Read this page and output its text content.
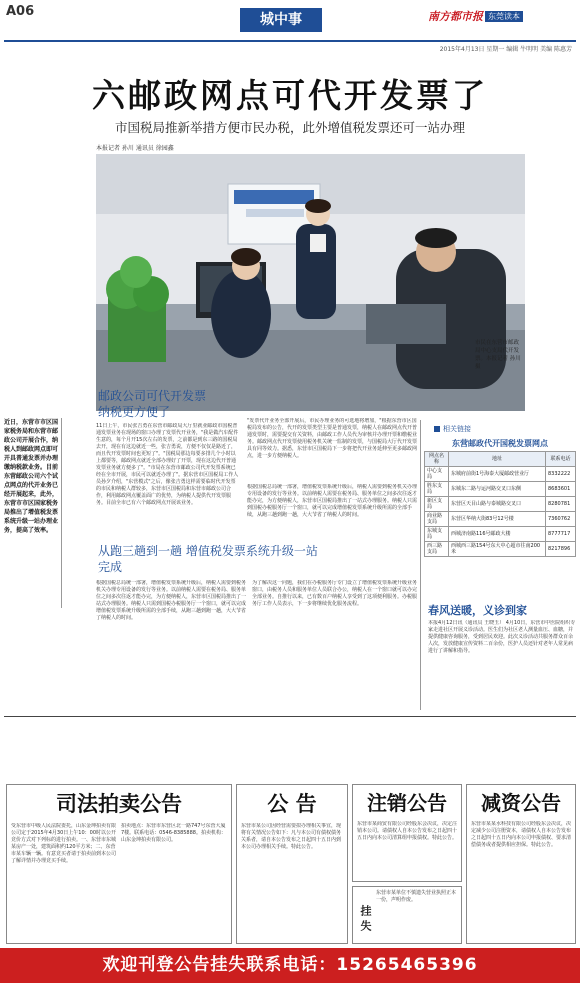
A06
城中事	南方都市报 东莞读本
2015年4月13日 星期一 编辑 牛明明 美编 陈惠芳
六邮政网点可代开发票了
市国税局推新举措方便市民办税，此外增值税发票还可一站办理
本报记者 孙川 通讯员 徐园鑫
市民在东营市邮政局中心支局代开发票。本报记者 孙川 摄
近日，东营市市区国家税务局和东营市邮政公司开展合作，纳税人到邮政网点即可开具普通发票并办理缴纳税款业务。目前东营邮政公司六个试点网点的代开业务已经开展起来，此外，东营市市区国家税务局推出了增值税发票系统升级一站办理业务，提高了效率。
邮政公司可代开发票 纳税更方便了
11日上午，市民张吉勇在东营市邮政局大厅里就业邮政市国税普通发票业务在现场的窗口办理了发票代开业务，"我是做汽车配件生意的，每个月开15次左右的发票，之前都是到东三路的国税局去开，现在有这边就近一些，张吉勇说，方便不仅仅是路近了，而且代开发票时间也更短了"。"国税局那边每要多排几个小时以上都要等，邮政网点就近全部办理好了开票，现在这边代开普通发票业务就方便多了"。"市局在东营市邮政公司代开发票系统已经在全市开展，市民可以就近办理了"。据东营市区国税局工作人员孙夕介绍，"东营模式"之后，像张吉勇这样需要临时代开发票的市民和纳税人群较多，东营市区国税局和东营市邮政公司合作，利用邮政网点覆盖面广的优势，为纳税人提供代开发票服务。目前全市已有六个邮政网点开展该业务。
"发票代开业务全部开展后，市民办理业务的可选地将增加，"根据东营市区国税局发布的公告，代开的发票类型主要是普通发票，纳税人在邮政网点代开普通发票时，需要提交有关资料，由邮政工作人员代为审核并办理开票和缴税业务。邮政网点代开发票使用税务机关统一监制的发票，与国税局大厅代开发票具有同等效力。据悉，东营市区国税局下一步将把代开业务延伸至更多邮政网点，进一步方便纳税人。
根据国税总局统一部署，增值税发票系统升级后，纳税人需要到税务机关办理专用设备的发行等业务。以前纳税人需要在税务局、服务单位之间多次往返才能办完，为方便纳税人，东营市区国税局推出了一站式办理服务。纳税人只需到国税办税服务厅一个窗口，就可以完成增值税发票系统升级所需的全部手续，从跑三趟到跑一趟，大大节省了纳税人的时间。
从跑三趟到一趟 增值税发票系统升级一站完成
根据国税总局统一部署，增值税发票系统升级后，纳税人需要到税务机关办理专用设备的发行等业务。以前纳税人需要在税务局、服务单位之间多次往返才能办完，为方便纳税人，东营市区国税局推出了一站式办理服务。纳税人只需到国税办税服务厅一个窗口，就可以完成增值税发票系统升级所需的全部手续，从跑三趟到跑一趟，大大节省了纳税人的时间。
为了解决这一问题，我们在办税服务厅专门设立了增值税发票系统升级业务窗口，由税务人员和服务单位人员联合办公，纳税人在一个窗口就可以办完全部业务。自推行以来，已有数百户纳税人享受到了这项便利服务。办税服务厅工作人员表示，下一步将继续优化服务流程。
相关链接
东营邮政代开国税发票网点
网点名称	地址	联系电话
中心支局	东城府前街1号海泰大厦邮政营业厅	8332222
胜东支局	东城东二路与运河路交叉口东侧	8683601
新区支局	东营区天目山路与泰城路交叉口	8280781
商业路支局	东营区华纳大街83号12号楼	7360762
东城支局	西城济南路116号邮政大楼	8777717
西三路支局	西城西三路154号东大中心超市往南200米	8217896
春风送暖，义诊到家
本报4月12日讯（通讯员 王晓玉） 4月10日，东营市中医院组织专家走进社区开展义诊活动。医生们为社区老人测量血压、血糖，并提供健康咨询服务，受到居民欢迎。此次义诊活动共服务群众百余人次，发放健康宣传资料二百余份，医护人员还针对老年人常见病进行了讲解和指导。
司法拍卖公告
受东营市中级人民法院委托，山东金坤拍卖有限公司定于2015年4月30日上午10：00时以公开竞价方式对下列标的进行拍卖。一、东营市东城某房产一处，建筑面积约120平方米；二、东营市某车辆一辆。有意竞买者请于拍卖前到本公司了解详情并办理竞买手续。
拍卖地点：东营市东营区北一路747号东营大厦7楼。联系电话：0546-8385888。拍卖机构：山东金坤拍卖有限公司。
公 告
东营市某公司因经营需要拟办理相关事宜，现将有关情况公告如下：凡与本公司有债权债务关系者，请自本公告发布之日起四十五日内到本公司办理相关手续。特此公告。
注销公告
东营市某商贸有限公司经股东会决议，决定注销本公司。请债权人自本公告发布之日起四十五日内向本公司清算组申报债权。特此公告。
挂 失
东营市某单位不慎遗失营业执照正本一份，声明作废。
减资公告
东营市某某水科技有限公司经股东会决议，决定减少公司注册资本，请债权人自本公告发布之日起四十五日内向本公司申报债权、要求清偿债务或者提供相应担保。特此公告。
欢迎刊登公告挂失联系电话：15265465396
